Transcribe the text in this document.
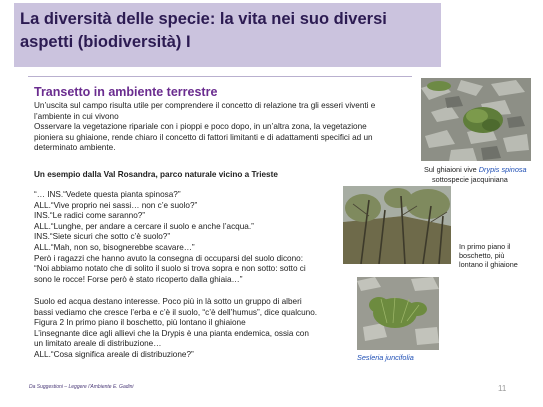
La diversità delle specie: la vita nei suo diversi aspetti (biodiversità) I
Transetto in ambiente terrestre

Un’uscita sul campo risulta utile per comprendere il concetto di relazione tra gli esseri viventi e
l’ambiente in cui vivono
Osservare la vegetazione ripariale con i pioppi e poco dopo, in un’altra zona, la vegetazione
pioniera su ghiaione, rende chiaro il concetto di fattori limitanti e di adattamenti specifici ad un
determinato ambiente.

Un esempio dalla Val Rosandra, parco naturale vicino a Trieste

“… INS.“Vedete questa pianta spinosa?”
ALL.“Vive proprio nei sassi… non c’e suolo?”
INS.“Le radici come saranno?”
ALL.“Lunghe, per andare a cercare il suolo e anche l’acqua.”
INS.“Siete sicuri che sotto c’è suolo?”
ALL.“Mah, non so, bisognerebbe scavare…”
Però i ragazzi che hanno avuto la consegna di occuparsi del suolo dicono:
“Noi abbiamo notato che di solito il suolo si trova sopra e non sotto: sotto ci
sono le rocce! Forse però è stato ricoperto dalla ghiaia…”

Suolo ed acqua destano interesse. Poco più in là sotto un gruppo di alberi
bassi vediamo che cresce l’erba e c’è il suolo, “c’è dell’humus”, dice qualcuno.
Figura 2 In primo piano il boschetto, più lontano il ghiaione
L’insegnante dice agli allievi che la Drypis è una pianta endemica, ossia con
un limitato areale di distribuzione…
ALL.“Cosa significa areale di distribuzione?”

Sul ghiaioni vive Drypis spinosa
sottospecie jacquiniana
In primo piano il
boschetto, più
lontano il ghiaione
Sesleria juncifolia
Da Suggestioni – Leggere l’Ambiente E. Gadini	11
